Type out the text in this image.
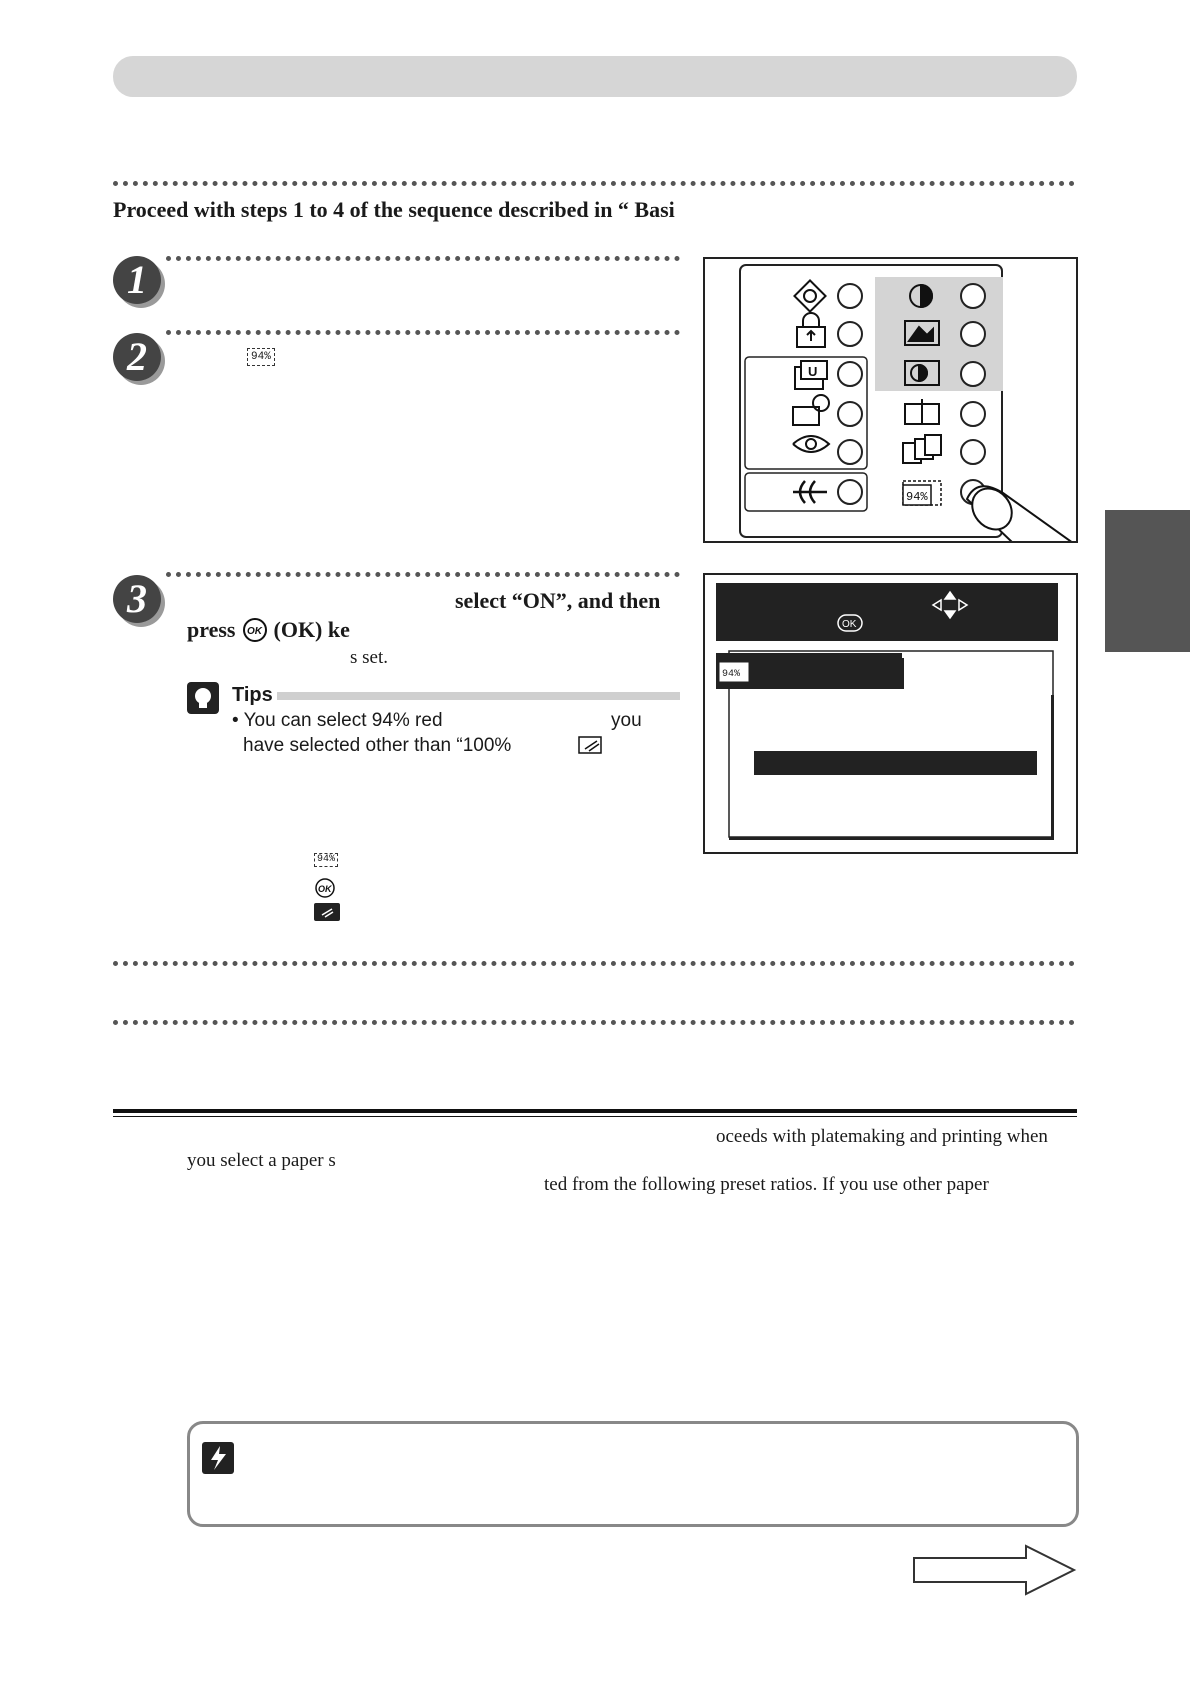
Proceed with steps 1 to 4 of the sequence described in “ Basi
1
2	94%
U
94%
3	select “ON”, and then
press OK (OK) ke
s set.
Tips
• You can select 94% red	you
have selected other than “100%
OK
94%
94%
OK
oceeds with platemaking and printing when
you select a paper s
ted from the following preset ratios. If you use other paper
